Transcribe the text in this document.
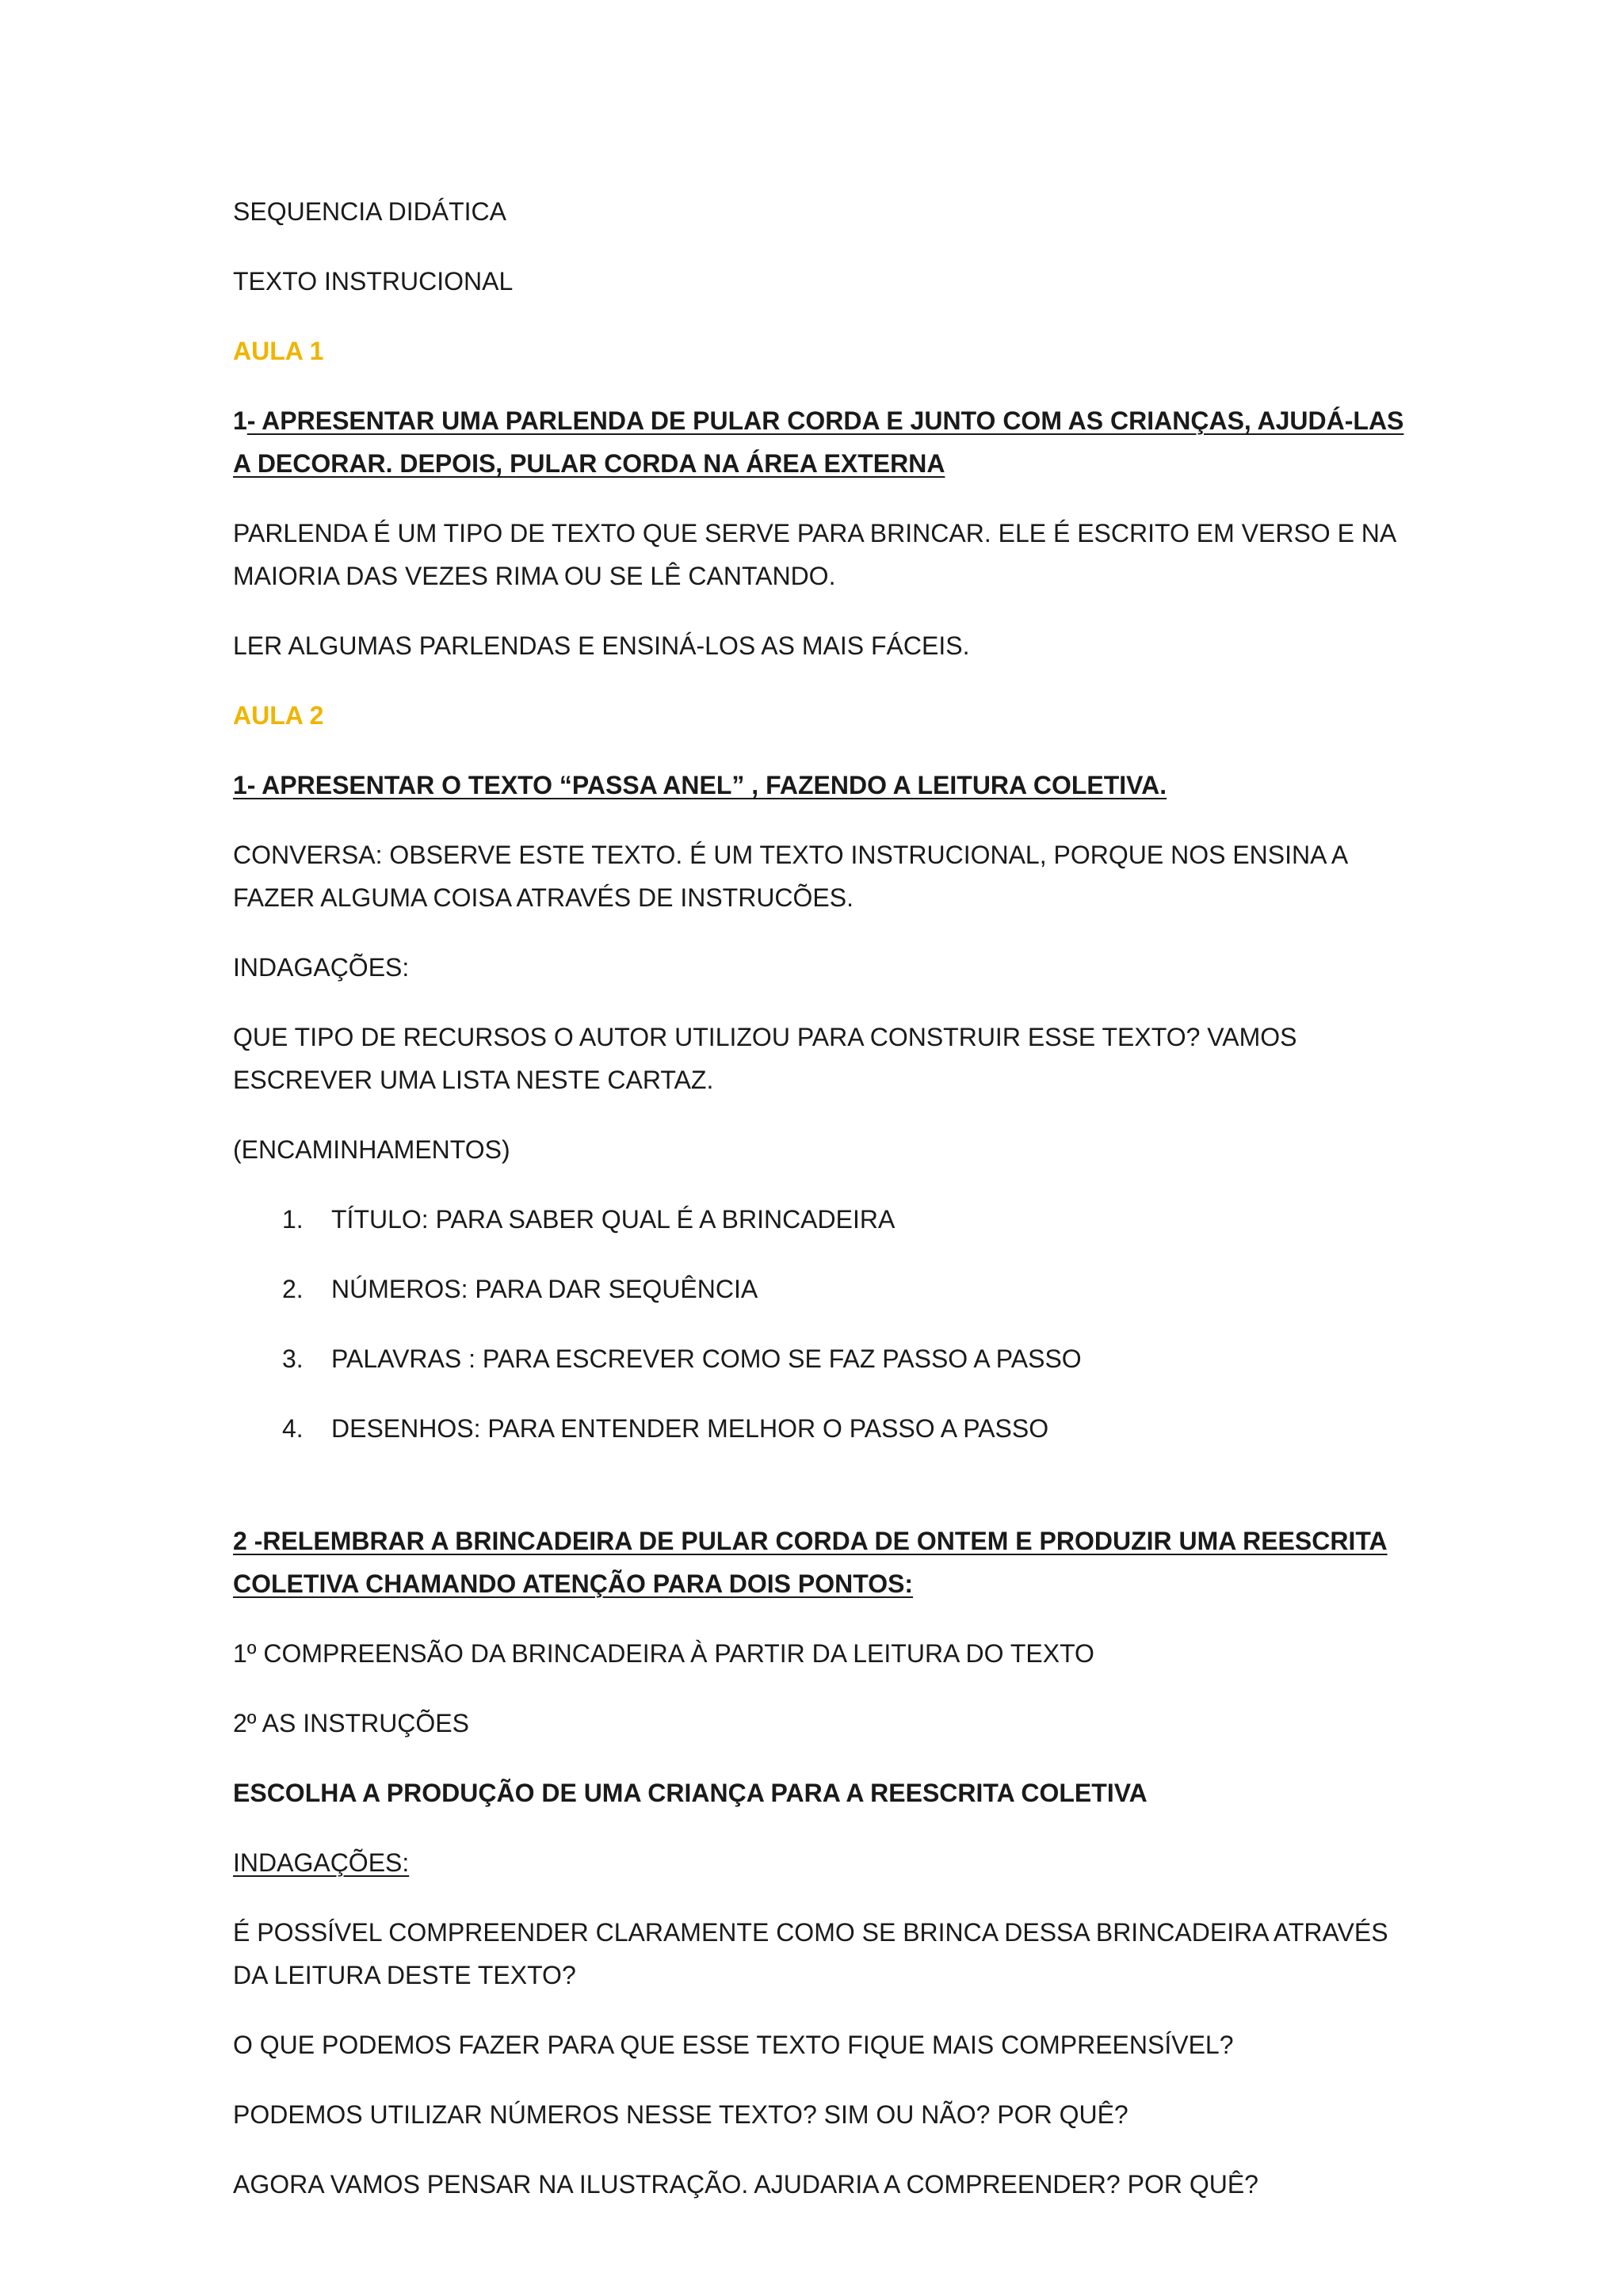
SEQUENCIA DIDÁTICA

TEXTO INSTRUCIONAL

AULA 1

1- APRESENTAR UMA PARLENDA DE PULAR CORDA E JUNTO COM AS CRIANÇAS, AJUDÁ-LAS A DECORAR. DEPOIS, PULAR CORDA NA ÁREA EXTERNA

PARLENDA É UM TIPO DE TEXTO QUE SERVE PARA BRINCAR. ELE É ESCRITO EM VERSO E NA MAIORIA DAS VEZES RIMA OU SE LÊ CANTANDO.

LER ALGUMAS PARLENDAS E ENSINÁ-LOS AS MAIS FÁCEIS.

AULA 2

1- APRESENTAR O TEXTO “PASSA ANEL” , FAZENDO A LEITURA COLETIVA.

CONVERSA: OBSERVE ESTE TEXTO. É UM TEXTO INSTRUCIONAL, PORQUE NOS ENSINA A FAZER ALGUMA COISA ATRAVÉS DE INSTRUCÕES.

INDAGAÇÕES:

QUE TIPO DE RECURSOS O AUTOR UTILIZOU PARA CONSTRUIR ESSE TEXTO? VAMOS ESCREVER UMA LISTA NESTE CARTAZ.

(ENCAMINHAMENTOS)

1. TÍTULO: PARA SABER QUAL É A BRINCADEIRA
2. NÚMEROS: PARA DAR SEQUÊNCIA
3. PALAVRAS : PARA ESCREVER COMO SE FAZ PASSO A PASSO
4. DESENHOS: PARA ENTENDER MELHOR O PASSO A PASSO

2 -RELEMBRAR A BRINCADEIRA DE PULAR CORDA DE ONTEM E PRODUZIR UMA REESCRITA COLETIVA CHAMANDO ATENÇÃO PARA DOIS PONTOS:

1º COMPREENSÃO DA BRINCADEIRA À PARTIR DA LEITURA DO TEXTO

2º AS INSTRUÇÕES

ESCOLHA A PRODUÇÃO DE UMA CRIANÇA PARA A REESCRITA COLETIVA

INDAGAÇÕES:

É POSSÍVEL COMPREENDER CLARAMENTE COMO SE BRINCA DESSA BRINCADEIRA ATRAVÉS DA LEITURA DESTE TEXTO?

O QUE PODEMOS FAZER PARA QUE ESSE TEXTO FIQUE MAIS COMPREENSÍVEL?

PODEMOS UTILIZAR NÚMEROS NESSE TEXTO? SIM OU NÃO? POR QUÊ?

AGORA VAMOS PENSAR NA ILUSTRAÇÃO. AJUDARIA A COMPREENDER? POR QUÊ?
